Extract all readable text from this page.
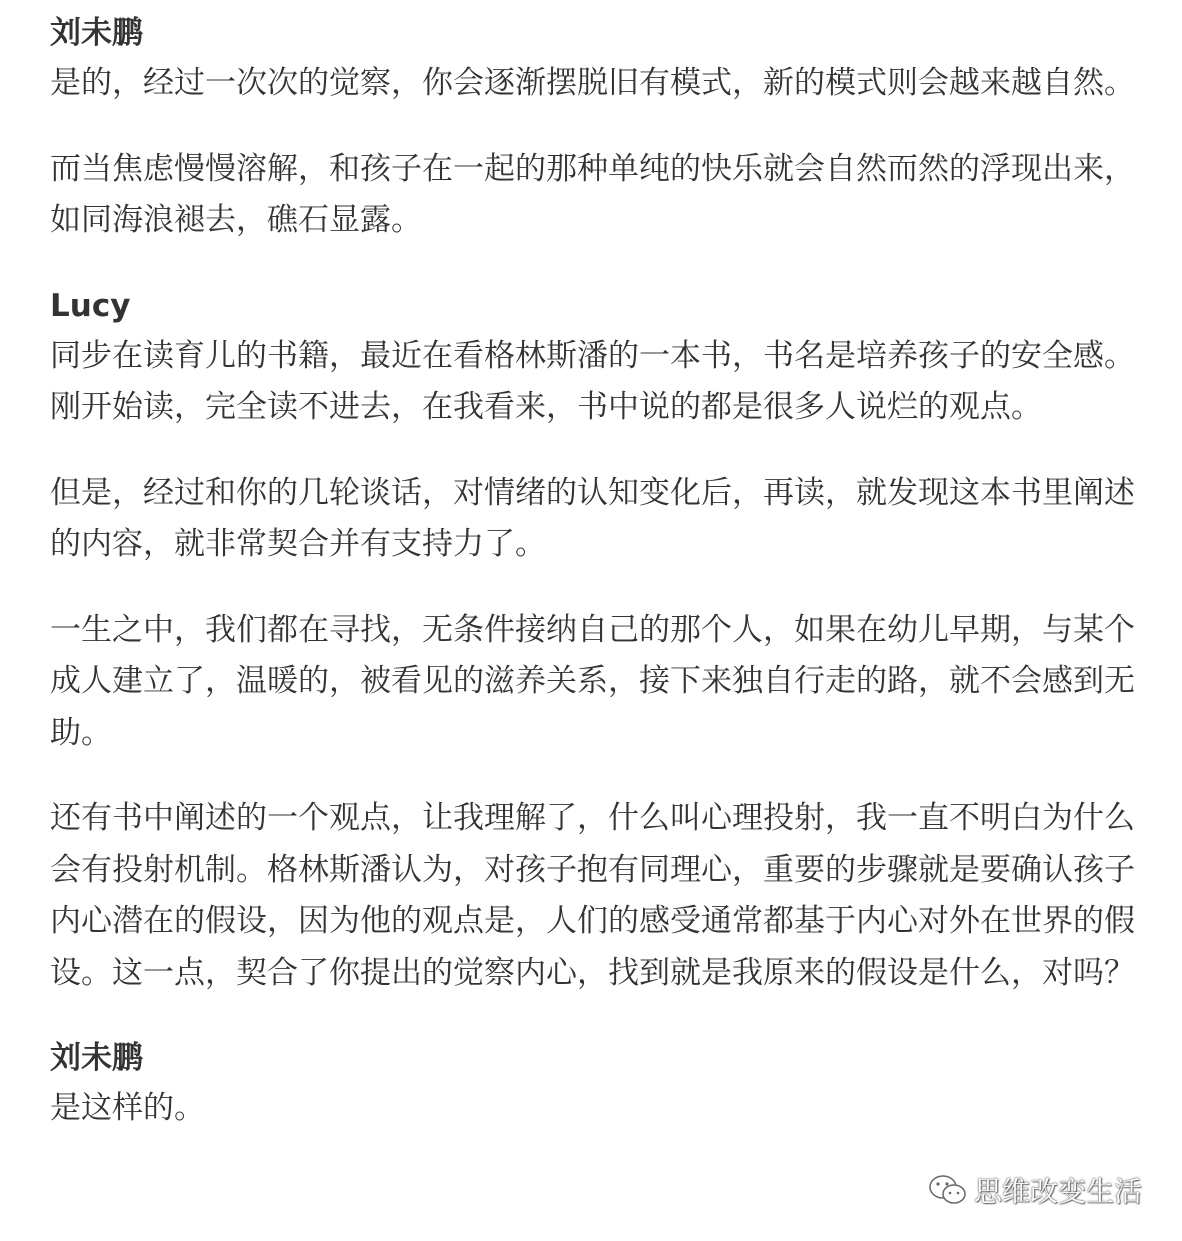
刘未鹏

是的，经过一次次的觉察，你会逐渐摆脱旧有模式，新的模式则会越来越自然。

而当焦虑慢慢溶解，和孩子在一起的那种单纯的快乐就会自然而然的浮现出来，如同海浪褪去，礁石显露。

Lucy

同步在读育儿的书籍，最近在看格林斯潘的一本书，书名是培养孩子的安全感。刚开始读，完全读不进去，在我看来，书中说的都是很多人说烂的观点。

但是，经过和你的几轮谈话，对情绪的认知变化后，再读，就发现这本书里阐述的内容，就非常契合并有支持力了。

一生之中，我们都在寻找，无条件接纳自己的那个人，如果在幼儿早期，与某个成人建立了，温暖的，被看见的滋养关系，接下来独自行走的路，就不会感到无助。

还有书中阐述的一个观点，让我理解了，什么叫心理投射，我一直不明白为什么会有投射机制。格林斯潘认为，对孩子抱有同理心，重要的步骤就是要确认孩子内心潜在的假设，因为他的观点是，人们的感受通常都基于内心对外在世界的假设。这一点，契合了你提出的觉察内心，找到就是我原来的假设是什么，对吗？

刘未鹏

是这样的。

思维改变生活
